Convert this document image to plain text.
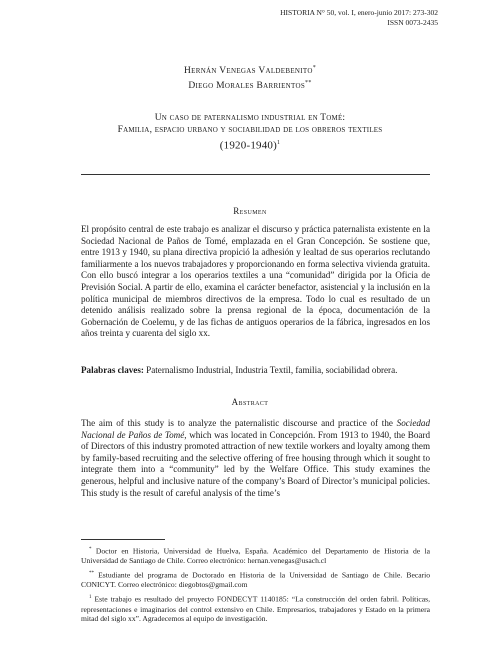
HISTORIA N° 50, vol. I, enero-junio 2017: 273-302
ISSN 0073-2435
Hernán Venegas Valdebenito*
Diego Morales Barrientos**
Un caso de paternalismo industrial en Tomé:
Familia, espacio urbano y sociabilidad de los obreros textiles
(1920-1940)$^1$
Resumen

El propósito central de este trabajo es analizar el discurso y práctica paternalista existente en la Sociedad Nacional de Paños de Tomé, emplazada en el Gran Concepción. Se sostiene que, entre 1913 y 1940, su plana directiva propició la adhesión y lealtad de sus operarios reclutando familiarmente a los nuevos trabajadores y proporcionando en forma selectiva vivienda gratuita. Con ello buscó integrar a los operarios textiles a una “comunidad” dirigida por la Oficia de Previsión Social. A partir de ello, examina el carácter benefactor, asistencial y la inclusión en la política municipal de miembros directivos de la empresa. Todo lo cual es resultado de un detenido análisis realizado sobre la prensa regional de la época, documentación de la Gobernación de Coelemu, y de las fichas de antiguos operarios de la fábrica, ingresados en los años treinta y cuarenta del siglo xx.

Palabras claves: Paternalismo Industrial, Industria Textil, familia, sociabilidad obrera.
Abstract

The aim of this study is to analyze the paternalistic discourse and practice of the Sociedad Nacional de Paños de Tomé, which was located in Concepción. From 1913 to 1940, the Board of Directors of this industry promoted attraction of new textile workers and loyalty among them by family-based recruiting and the selective offering of free housing through which it sought to integrate them into a “community” led by the Welfare Office. This study examines the generous, helpful and inclusive nature of the company’s Board of Director’s municipal policies. This study is the result of careful analysis of the time’s

* Doctor en Historia, Universidad de Huelva, España. Académico del Departamento de Historia de la Universidad de Santiago de Chile. Correo electrónico: hernan.venegas@usach.cl

** Estudiante del programa de Doctorado en Historia de la Universidad de Santiago de Chile. Becario CONICYT. Correo electrónico: diegobtos@gmail.com

$^1$ Este trabajo es resultado del proyecto FONDECYT 1140185: “La construcción del orden fabril. Políticas, representaciones e imaginarios del control extensivo en Chile. Empresarios, trabajadores y Estado en la primera mitad del siglo xx”. Agradecemos al equipo de investigación.
